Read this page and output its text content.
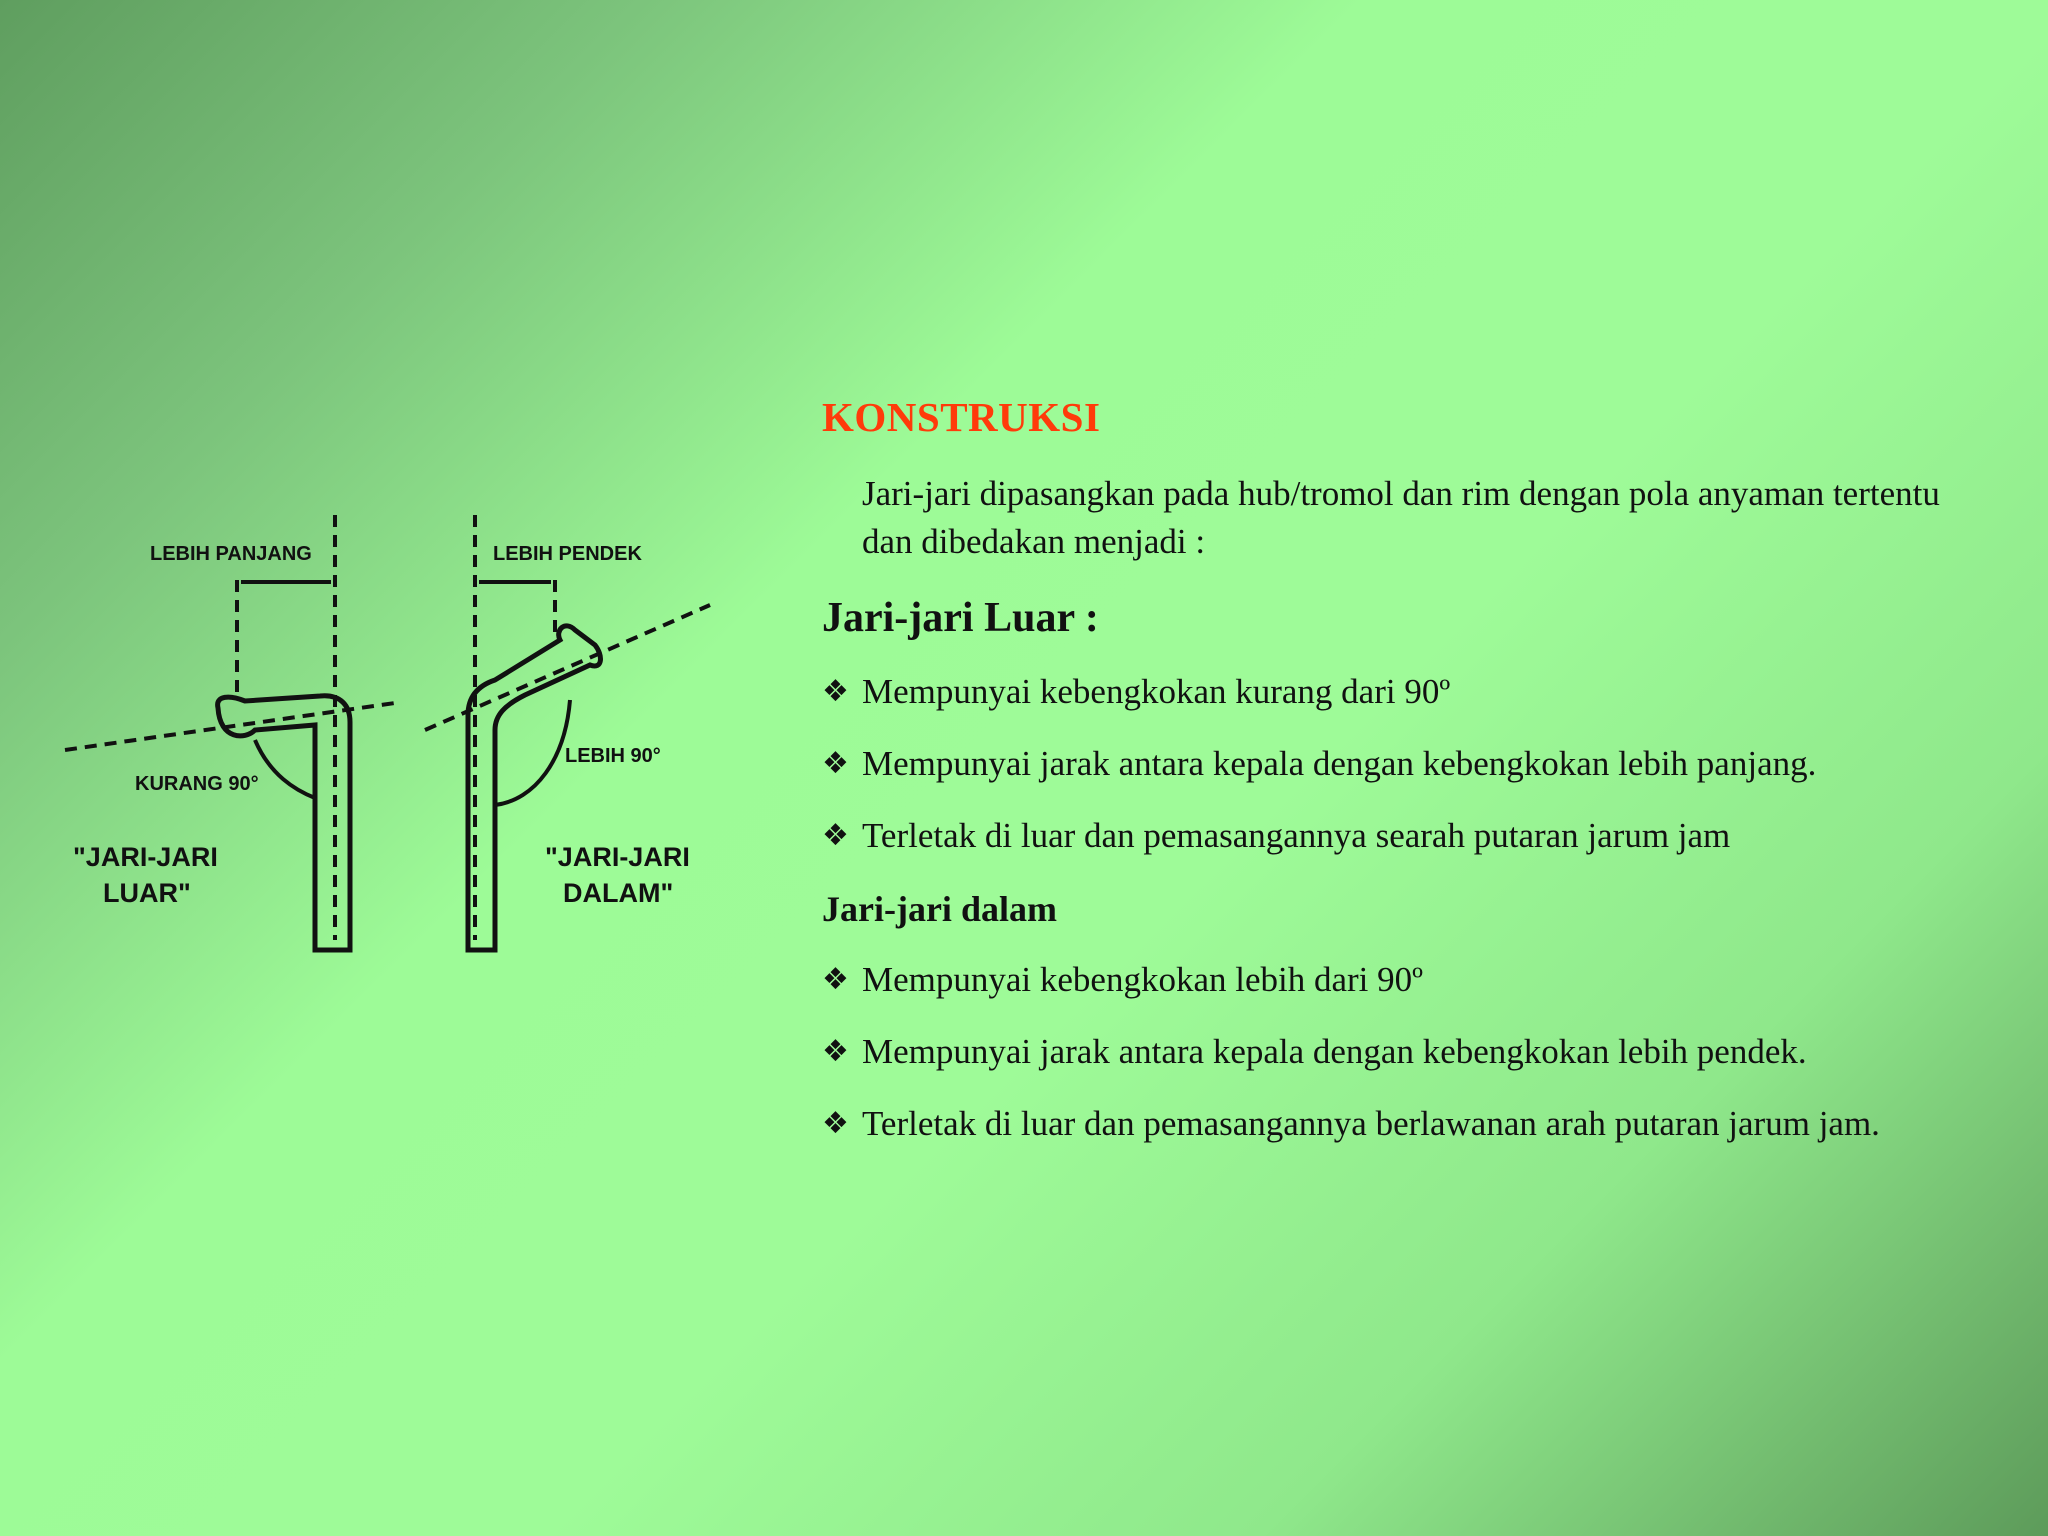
LEBIH PANJANG	LEBIH PENDEK
KURANG 90°
LEBIH 90°
"JARI-JARI
LUAR"
"JARI-JARI
DALAM"
KONSTRUKSI

Jari-jari dipasangkan pada hub/tromol dan rim dengan pola anyaman tertentu dan dibedakan menjadi :

Jari-jari Luar :
❖ Mempunyai kebengkokan kurang dari 90º
❖ Mempunyai jarak antara kepala dengan kebengkokan lebih panjang.
❖ Terletak di luar dan pemasangannya searah putaran jarum jam
Jari-jari dalam
❖ Mempunyai kebengkokan lebih dari 90º
❖ Mempunyai jarak antara kepala dengan kebengkokan lebih pendek.
❖ Terletak di luar dan pemasangannya berlawanan arah putaran jarum jam.
